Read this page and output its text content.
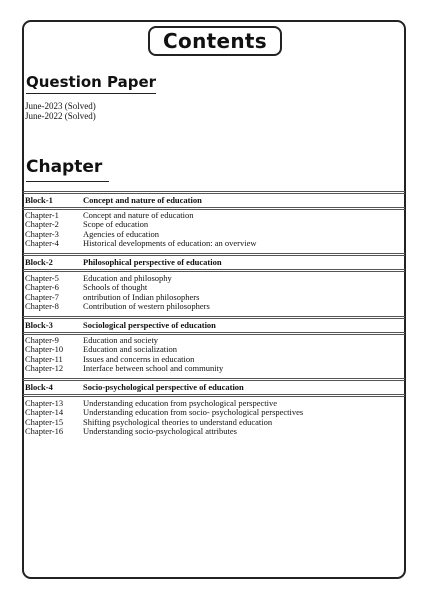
Contents
Question Paper
June-2023 (Solved)
June-2022 (Solved)
Chapter
Block-1	Concept and nature of education
Chapter-1	Concept and nature of education
Chapter-2	Scope of education
Chapter-3	Agencies of education
Chapter-4	Historical developments of education: an overview
Block-2	Philosophical perspective of education
Chapter-5	Education and philosophy
Chapter-6	Schools of thought
Chapter-7	ontribution of Indian philosophers
Chapter-8	Contribution of western philosophers
Block-3	Sociological perspective of education
Chapter-9	Education and society
Chapter-10 Education and socialization
Chapter-11 Issues and concerns in education
Chapter-12 Interface between school and community
Block-4	Socio-psychological perspective of education
Chapter-13 Understanding education from psychological perspective
Chapter-14 Understanding education from socio- psychological perspectives
Chapter-15 Shifting psychological theories to understand education
Chapter-16 Understanding socio-psychological attributes
